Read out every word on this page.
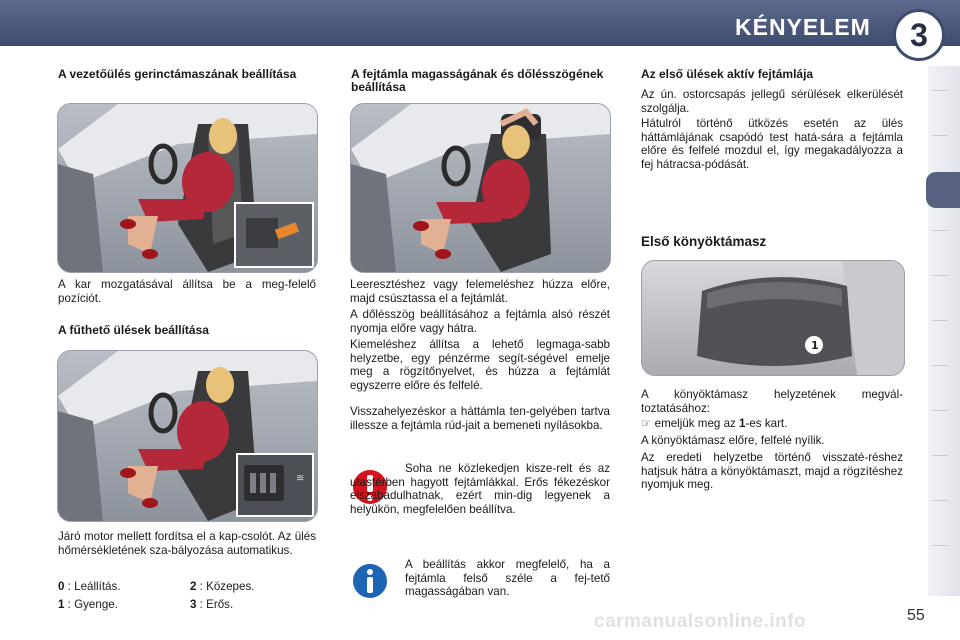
KÉNYELEM	3
A vezetőülés gerinctámaszának beállítása

A kar mozgatásával állítsa be a meg-felelő pozíciót.

A fűthető ülések beállítása
≋

Járó motor mellett fordítsa el a kap-csolót. Az ülés hőmérsékletének sza-bályozása automatikus.

0 : Leállítás.	2 : Közepes.
1 : Gyenge.	3 : Erős.
A fejtámla magasságának és dőlésszögének beállítása

Leeresztéshez vagy felemeléshez húzza előre, majd csúsztassa el a fejtámlát.

A dőlésszög beállításához a fejtámla alsó részét nyomja előre vagy hátra.

Kiemeléshez állítsa a lehető legmaga-sabb helyzetbe, egy pénzérme segít-ségével emelje meg a rögzítőnyelvet, és húzza a fejtámlát egyszerre előre és felfelé.

Visszahelyezéskor a háttámla ten-gelyében tartva illessze a fejtámla rúd-jait a bemeneti nyílásokba.

Soha ne közlekedjen kisze-relt és az utastérben hagyott fejtámlákkal. Erős fékezéskor elszabadulhatnak, ezért min-dig legyenek a helyükön, megfelelően beállítva.

A beállítás akkor megfelelő, ha a fejtámla felső széle a fej-tető magasságában van.

Az első ülések aktív fejtámlája

Az ún. ostorcsapás jellegű sérülések elkerülését szolgálja.

Hátulról történő ütközés esetén az ülés háttámlájának csapódó test hatá-sára a fejtámla előre és felfelé mozdul el, így megakadályozza a fej hátracsa-pódását.

Első könyöktámasz
1

A könyöktámasz helyzetének megvál-toztatásához:

☞ emeljük meg az 1-es kart.

A könyöktámasz előre, felfelé nyílik.

Az eredeti helyzetbe történő visszaté-réshez hatjsuk hátra a könyöktámaszt, majd a rögzítéshez nyomjuk meg.

carmanualsonline.info	55
